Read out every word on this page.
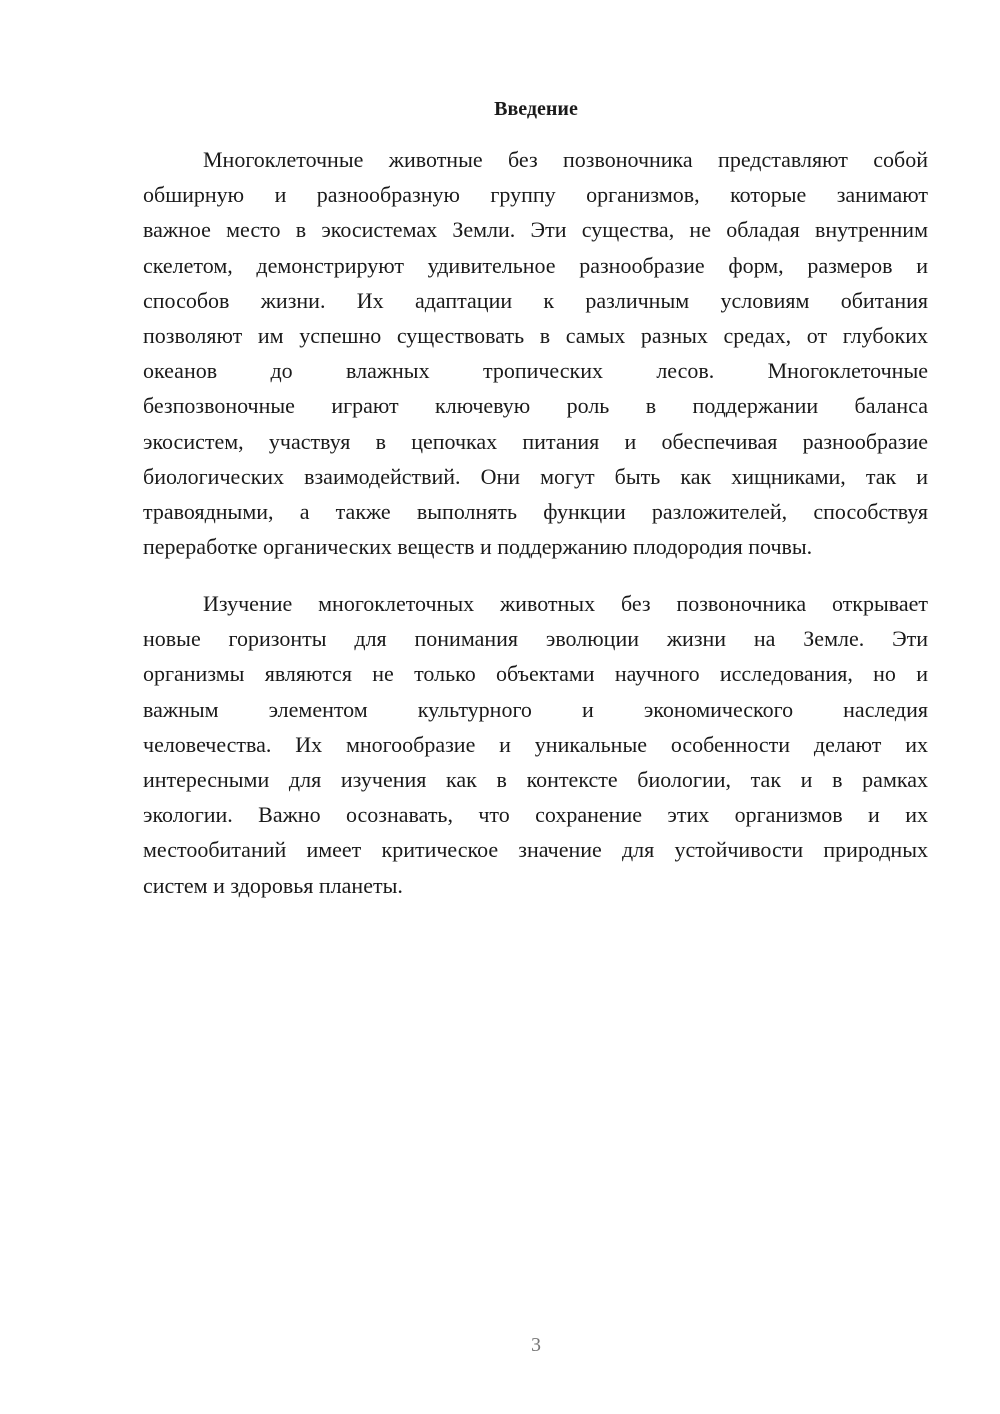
Введение
Многоклеточные животные без позвоночника представляют собой
обширную и разнообразную группу организмов, которые занимают
важное место в экосистемах Земли. Эти существа, не обладая внутренним
скелетом, демонстрируют удивительное разнообразие форм, размеров и
способов жизни. Их адаптации к различным условиям обитания
позволяют им успешно существовать в самых разных средах, от глубоких
океанов до влажных тропических лесов. Многоклеточные
безпозвоночные играют ключевую роль в поддержании баланса
экосистем, участвуя в цепочках питания и обеспечивая разнообразие
биологических взаимодействий. Они могут быть как хищниками, так и
травоядными, а также выполнять функции разложителей, способствуя
переработке органических веществ и поддержанию плодородия почвы.
Изучение многоклеточных животных без позвоночника открывает
новые горизонты для понимания эволюции жизни на Земле. Эти
организмы являются не только объектами научного исследования, но и
важным элементом культурного и экономического наследия
человечества. Их многообразие и уникальные особенности делают их
интересными для изучения как в контексте биологии, так и в рамках
экологии. Важно осознавать, что сохранение этих организмов и их
местообитаний имеет критическое значение для устойчивости природных
систем и здоровья планеты.
3
